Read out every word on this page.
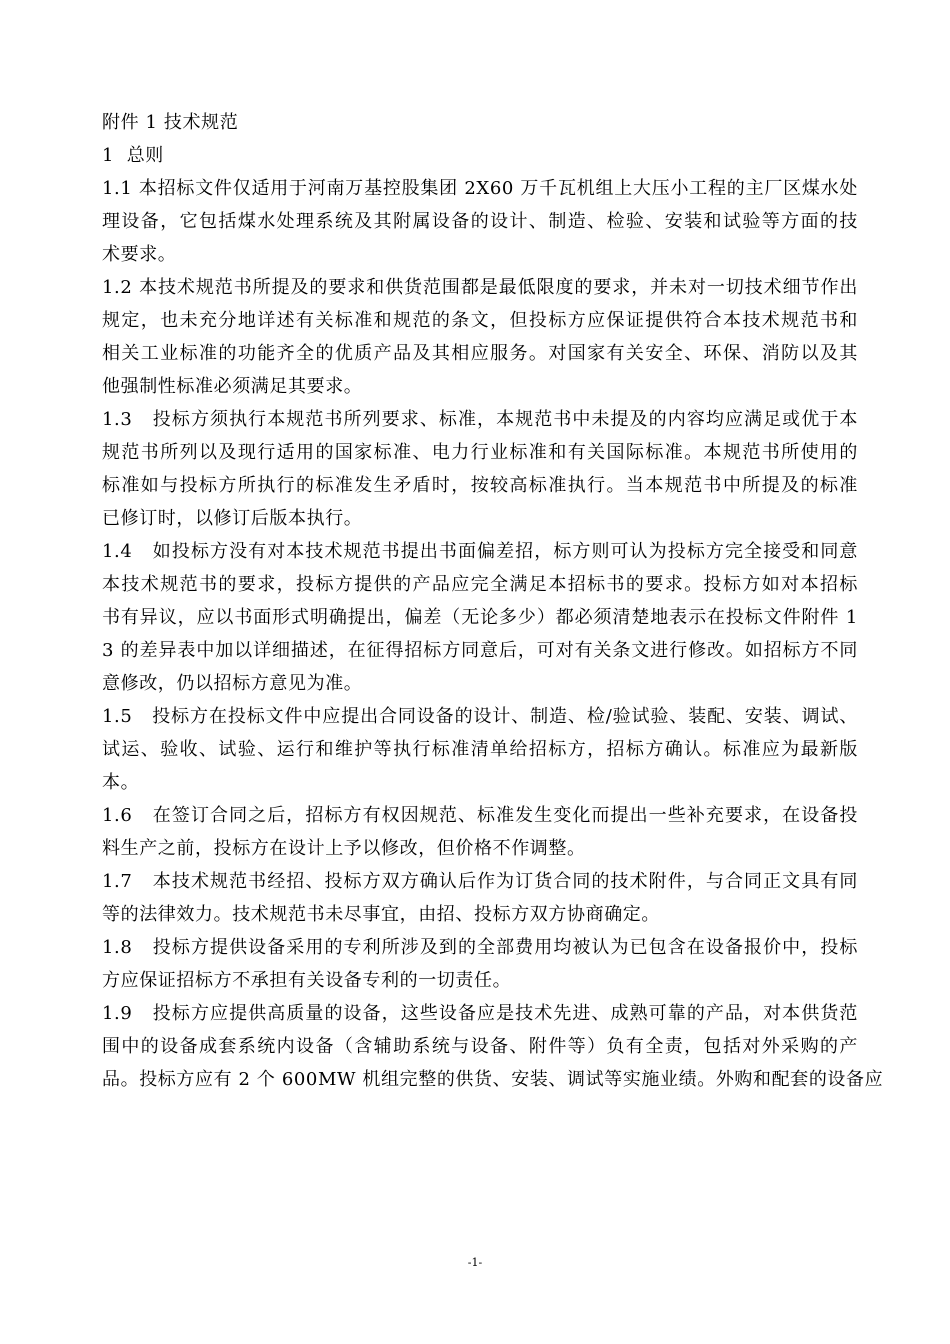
附件 1 技术规范
1  总则
1.1 本招标文件仅适用于河南万基控股集团 2X60 万千瓦机组上大压小工程的主厂区煤水处
理设备，它包括煤水处理系统及其附属设备的设计、制造、检验、安装和试验等方面的技
术要求。
1.2 本技术规范书所提及的要求和供货范围都是最低限度的要求，并未对一切技术细节作出
规定，也未充分地详述有关标准和规范的条文，但投标方应保证提供符合本技术规范书和
相关工业标准的功能齐全的优质产品及其相应服务。对国家有关安全、环保、消防以及其
他强制性标准必须满足其要求。
1.3   投标方须执行本规范书所列要求、标准，本规范书中未提及的内容均应满足或优于本
规范书所列以及现行适用的国家标准、电力行业标准和有关国际标准。本规范书所使用的
标准如与投标方所执行的标准发生矛盾时，按较高标准执行。当本规范书中所提及的标准
已修订时，以修订后版本执行。
1.4   如投标方没有对本技术规范书提出书面偏差招，标方则可认为投标方完全接受和同意
本技术规范书的要求，投标方提供的产品应完全满足本招标书的要求。投标方如对本招标
书有异议，应以书面形式明确提出，偏差（无论多少）都必须清楚地表示在投标文件附件 1
3 的差异表中加以详细描述，在征得招标方同意后，可对有关条文进行修改。如招标方不同
意修改，仍以招标方意见为准。
1.5   投标方在投标文件中应提出合同设备的设计、制造、检/验试验、装配、安装、调试、
试运、验收、试验、运行和维护等执行标准清单给招标方，招标方确认。标准应为最新版
本。
1.6   在签订合同之后，招标方有权因规范、标准发生变化而提出一些补充要求，在设备投
料生产之前，投标方在设计上予以修改，但价格不作调整。
1.7   本技术规范书经招、投标方双方确认后作为订货合同的技术附件，与合同正文具有同
等的法律效力。技术规范书未尽事宜，由招、投标方双方协商确定。
1.8   投标方提供设备采用的专利所涉及到的全部费用均被认为已包含在设备报价中，投标
方应保证招标方不承担有关设备专利的一切责任。
1.9   投标方应提供高质量的设备，这些设备应是技术先进、成熟可靠的产品，对本供货范
围中的设备成套系统内设备（含辅助系统与设备、附件等）负有全责，包括对外采购的产
品。投标方应有 2 个 600MW 机组完整的供货、安装、调试等实施业绩。外购和配套的设备应
-1-
